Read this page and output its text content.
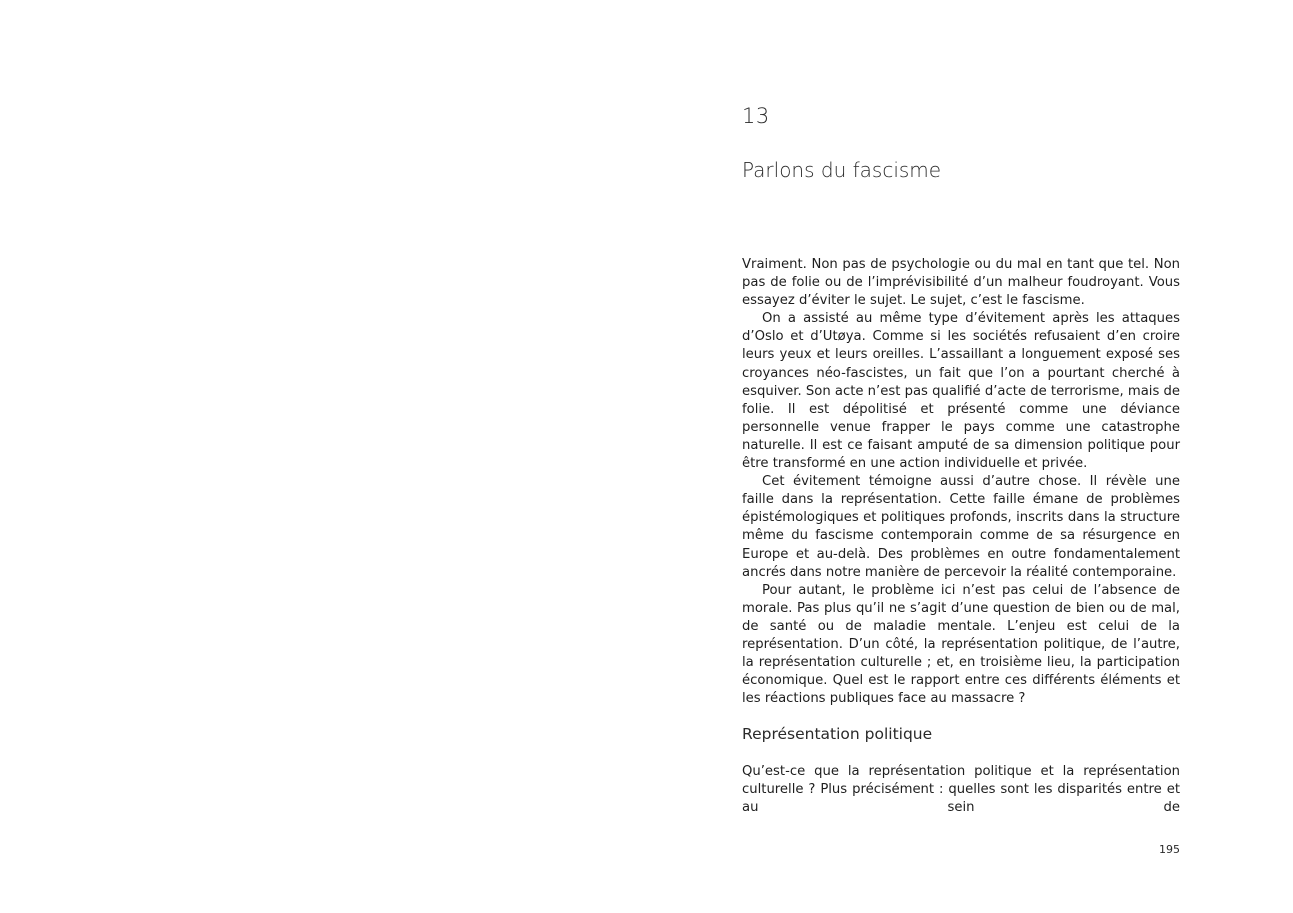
13
Parlons du fascisme

Vraiment. Non pas de psychologie ou du mal en tant que tel. Non pas de folie ou de l’imprévisibilité d’un malheur foudroyant. Vous essayez d’éviter le sujet. Le sujet, c’est le fascisme.

On a assisté au même type d’évitement après les attaques d’Oslo et d’Utøya. Comme si les sociétés refusaient d’en croire leurs yeux et leurs oreilles. L’assaillant a longuement exposé ses croyances néo-fascistes, un fait que l’on a pourtant cherché à esquiver. Son acte n’est pas qualifié d’acte de terrorisme, mais de folie. Il est dépolitisé et présenté comme une déviance personnelle venue frapper le pays comme une catastrophe naturelle. Il est ce faisant amputé de sa dimension politique pour être transformé en une action individuelle et privée.

Cet évitement témoigne aussi d’autre chose. Il révèle une faille dans la représentation. Cette faille émane de problèmes épistémologiques et politiques profonds, inscrits dans la structure même du fascisme contemporain comme de sa résurgence en Europe et au-delà. Des problèmes en outre fondamentalement ancrés dans notre manière de percevoir la réalité contemporaine.

Pour autant, le problème ici n’est pas celui de l’absence de morale. Pas plus qu’il ne s’agit d’une question de bien ou de mal, de santé ou de maladie mentale. L’enjeu est celui de la représentation. D’un côté, la représentation politique, de l’autre, la représentation culturelle ; et, en troisième lieu, la participation économique. Quel est le rapport entre ces différents éléments et les réactions publiques face au massacre ?

Représentation politique

Qu’est-ce que la représentation politique et la représentation culturelle ? Plus précisément : quelles sont les disparités entre et au sein de

195
